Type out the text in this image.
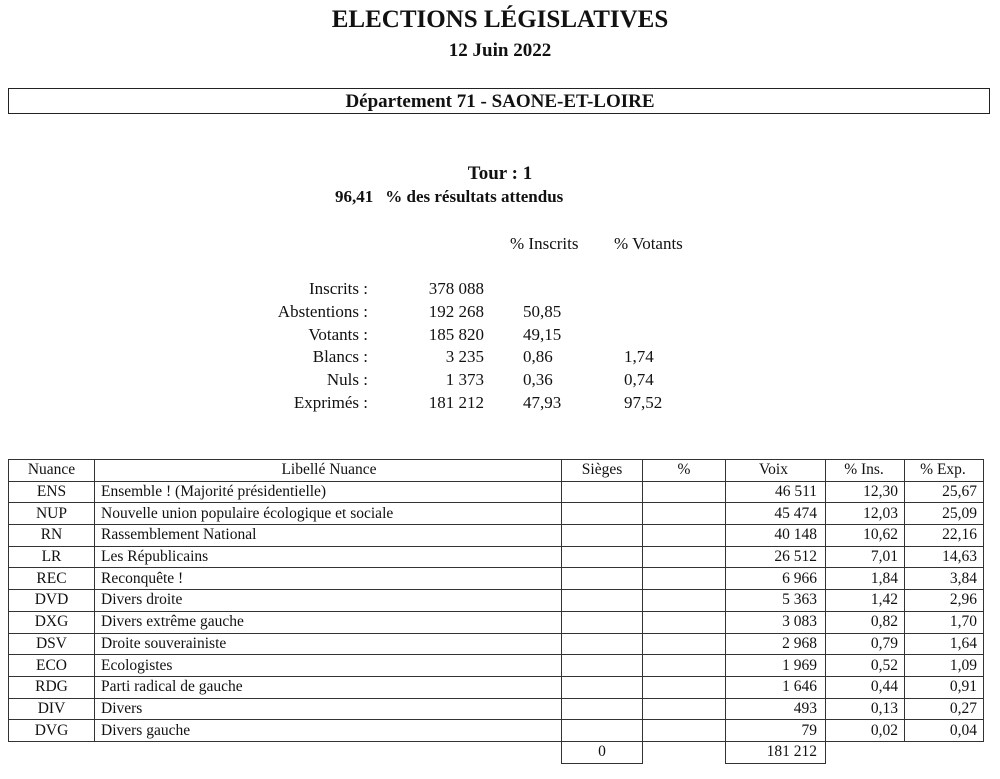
ELECTIONS LÉGISLATIVES
12 Juin 2022
Département 71 - SAONE-ET-LOIRE
Tour : 1
96,41 % des résultats attendus
% Inscrits % Votants
Inscrits :	378 088
Abstentions :	192 268 50,85
Votants :	185 820 49,15
Blancs :	3 235 0,86	1,74
Nuls :	1 373 0,36	0,74
Exprimés :	181 212 47,93	97,52
Nuance	Libellé Nuance	Sièges	%	Voix	% Ins.	% Exp.
ENS	Ensemble ! (Majorité présidentielle)			46 511	12,30	25,67
NUP	Nouvelle union populaire écologique et sociale			45 474	12,03	25,09
RN	Rassemblement National			40 148	10,62	22,16
LR	Les Républicains			26 512	7,01	14,63
REC	Reconquête !			6 966	1,84	3,84
DVD	Divers droite			5 363	1,42	2,96
DXG	Divers extrême gauche			3 083	0,82	1,70
DSV	Droite souverainiste			2 968	0,79	1,64
ECO	Ecologistes			1 969	0,52	1,09
RDG	Parti radical de gauche			1 646	0,44	0,91
DIV	Divers			493	0,13	0,27
DVG	Divers gauche			79	0,02	0,04
		0		181 212		
